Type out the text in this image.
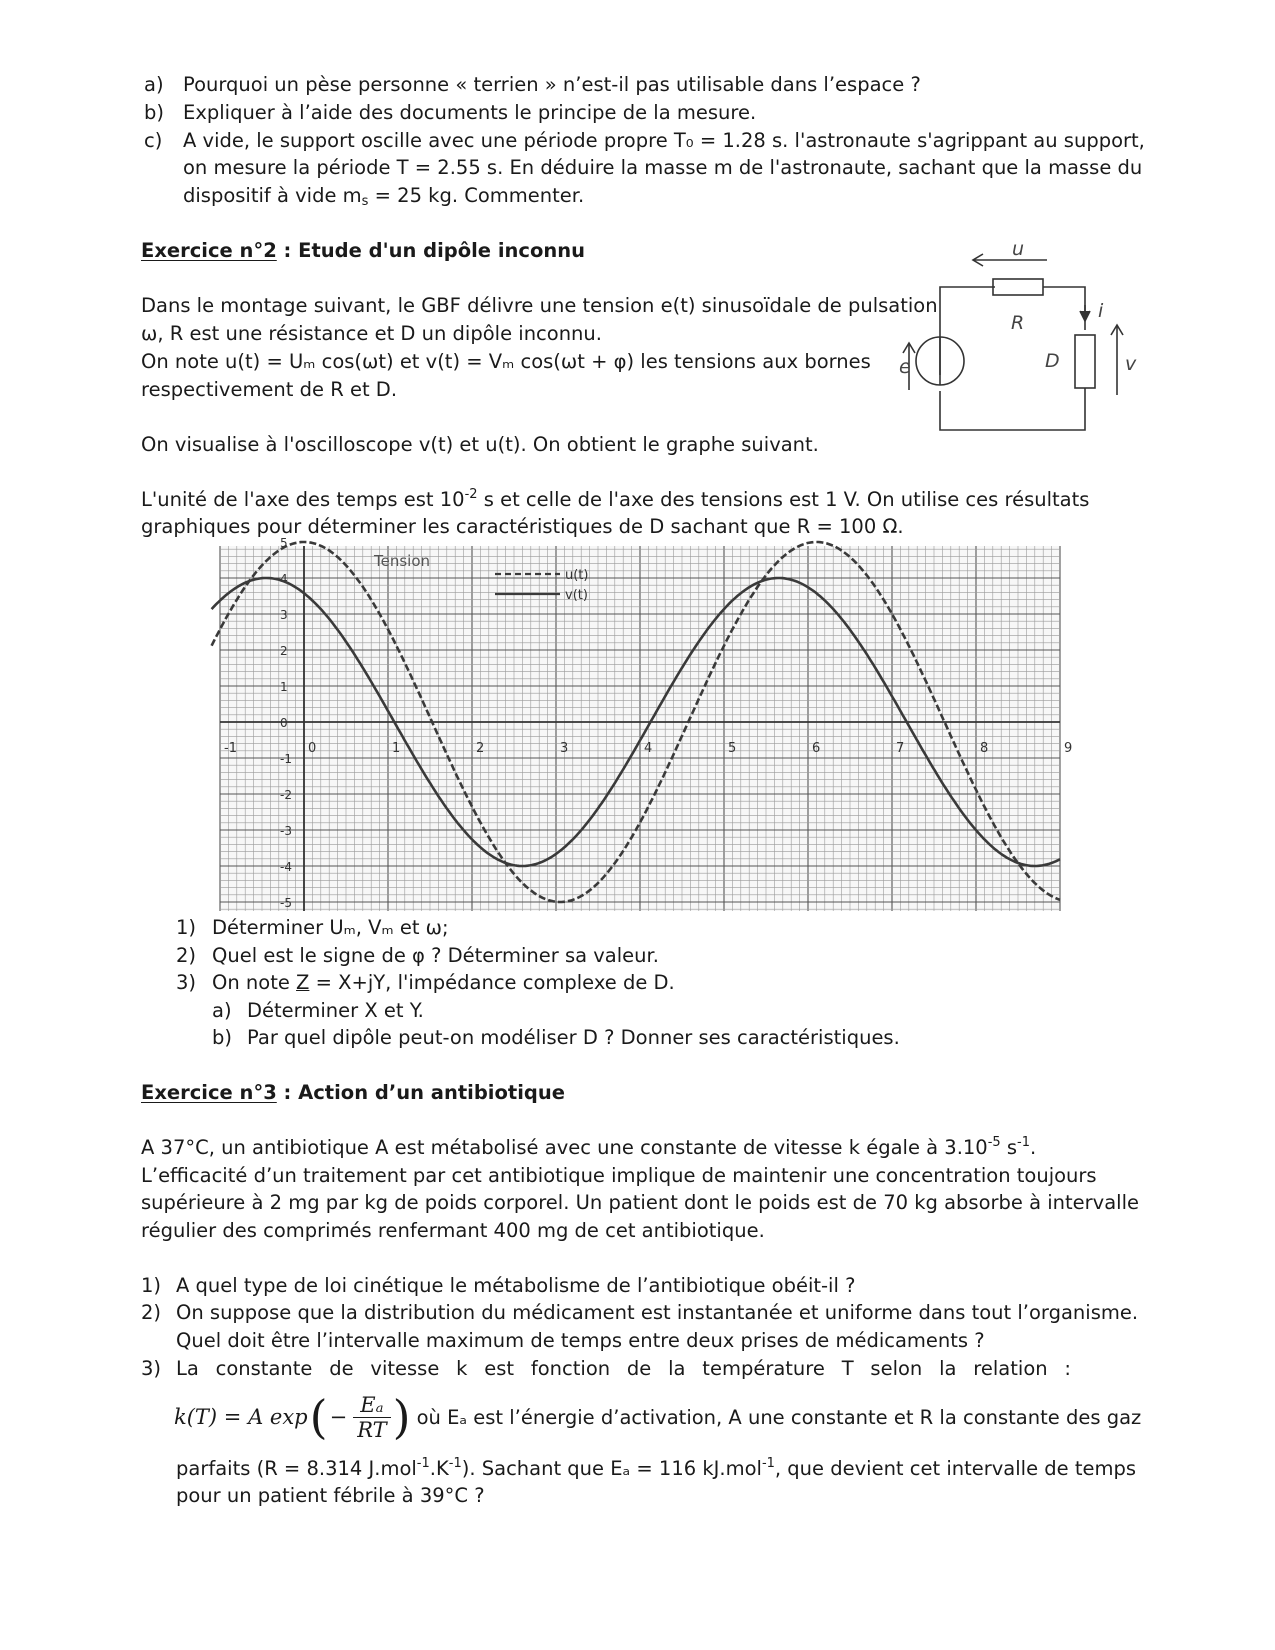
a) Pourquoi un pèse personne « terrien » n’est-il pas utilisable dans l’espace ?
b) Expliquer à l’aide des documents le principe de la mesure.
c)	A vide, le support oscille avec une période propre T₀ = 1.28 s. l'astronaute s'agrippant au support,
on mesure la période T = 2.55 s. En déduire la masse m de l'astronaute, sachant que la masse du
dispositif à vide $m_s = 25$ kg. Commenter.
Exercice n°2 : Etude d'un dipôle inconnu
Dans le montage suivant, le GBF délivre une tension e(t) sinusoïdale de pulsation
ω, R est une résistance et D un dipôle inconnu.
On note u(t) = Uₘ cos(ωt) et v(t) = Vₘ cos(ωt + φ) les tensions aux bornes
respectivement de R et D.
u
i
R
e	D	v
On visualise à l'oscilloscope v(t) et u(t). On obtient le graphe suivant.
L'unité de l'axe des temps est $10^{-2}$ s et celle de l'axe des tensions est 1 V. On utilise ces résultats
graphiques pour déterminer les caractéristiques de D sachant que R = 100 Ω.
-1	0	1	2	3	4	5	6	7	8	9
5
4
3
2
1
0
-1
-2
-3
-4
-5
Tension
u(t)
v(t)
1) Déterminer Uₘ, Vₘ et ω;
2) Quel est le signe de φ ? Déterminer sa valeur.
3) On note Z = X+jY, l'impédance complexe de D.
a) Déterminer X et Y.
b) Par quel dipôle peut-on modéliser D ? Donner ses caractéristiques.
Exercice n°3 : Action d’un antibiotique
A 37°C, un antibiotique A est métabolisé avec une constante de vitesse k égale à $3.10^{-5}$ $s^{-1}$.
L’efficacité d’un traitement par cet antibiotique implique de maintenir une concentration toujours
supérieure à 2 mg par kg de poids corporel. Un patient dont le poids est de 70 kg absorbe à intervalle
régulier des comprimés renfermant 400 mg de cet antibiotique.
1) A quel type de loi cinétique le métabolisme de l’antibiotique obéit-il ?
2) On suppose que la distribution du médicament est instantanée et uniforme dans tout l’organisme.
Quel doit être l’intervalle maximum de temps entre deux prises de médicaments ?
3) La constante de vitesse k est fonction de la température T selon la relation :
k(T) = A exp ( − $\frac{\text{Eₐ}}{RT}$ ) où Eₐ est l’énergie d’activation, A une constante et R la constante des gaz
parfaits (R = 8.314 $J.mol^{-1}.K^{-1}$). Sachant que Eₐ = 116 kJ.mol$^{-1}$, que devient cet intervalle de temps
pour un patient fébrile à 39°C ?
